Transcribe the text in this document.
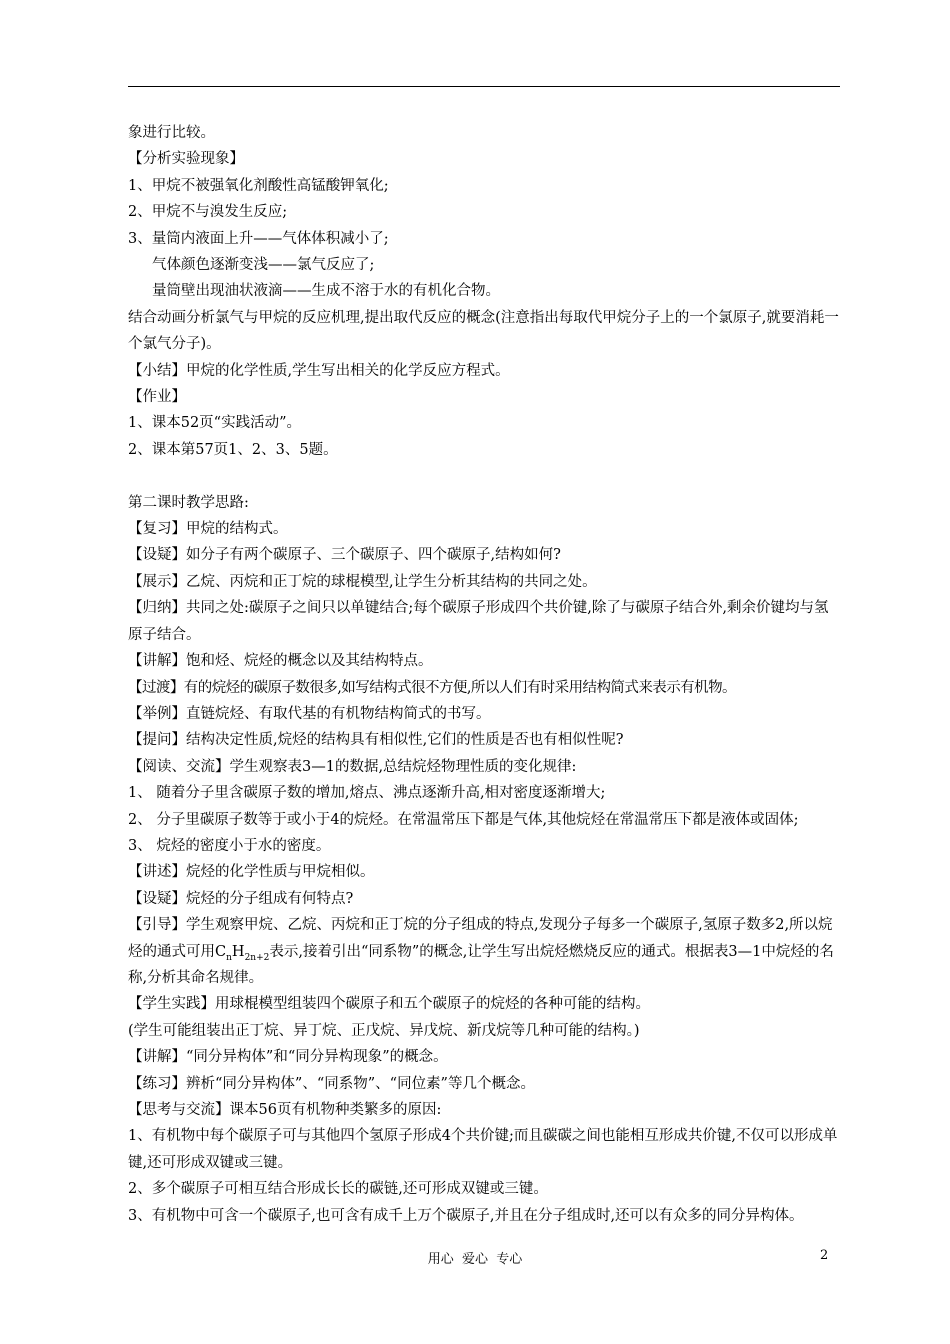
象进行比较。
【分析实验现象】
1、甲烷不被强氧化剂酸性高锰酸钾氧化;
2、甲烷不与溴发生反应;
3、量筒内液面上升——气体体积减小了;
气体颜色逐渐变浅——氯气反应了;
量筒壁出现油状液滴——生成不溶于水的有机化合物。
结合动画分析氯气与甲烷的反应机理,提出取代反应的概念(注意指出每取代甲烷分子上的一个氯原子,就要消耗一个氯气分子)。
【小结】甲烷的化学性质,学生写出相关的化学反应方程式。
【作业】
1、课本52页“实践活动”。
2、课本第57页1、2、3、5题。
第二课时教学思路:
【复习】甲烷的结构式。
【设疑】如分子有两个碳原子、三个碳原子、四个碳原子,结构如何?
【展示】乙烷、丙烷和正丁烷的球棍模型,让学生分析其结构的共同之处。
【归纳】共同之处:碳原子之间只以单键结合;每个碳原子形成四个共价键,除了与碳原子结合外,剩余价键均与氢原子结合。
【讲解】饱和烃、烷烃的概念以及其结构特点。
【过渡】有的烷烃的碳原子数很多,如写结构式很不方便,所以人们有时采用结构简式来表示有机物。
【举例】直链烷烃、有取代基的有机物结构简式的书写。
【提问】结构决定性质,烷烃的结构具有相似性,它们的性质是否也有相似性呢?
【阅读、交流】学生观察表3—1的数据,总结烷烃物理性质的变化规律:
1、 随着分子里含碳原子数的增加,熔点、沸点逐渐升高,相对密度逐渐增大;
2、 分子里碳原子数等于或小于4的烷烃。在常温常压下都是气体,其他烷烃在常温常压下都是液体或固体;
3、 烷烃的密度小于水的密度。
【讲述】烷烃的化学性质与甲烷相似。
【设疑】烷烃的分子组成有何特点?
【引导】学生观察甲烷、乙烷、丙烷和正丁烷的分子组成的特点,发现分子每多一个碳原子,氢原子数多2,所以烷烃的通式可用$C_nH_{2n+2}$表示,接着引出“同系物”的概念,让学生写出烷烃燃烧反应的通式。根据表3—1中烷烃的名称,分析其命名规律。
【学生实践】用球棍模型组装四个碳原子和五个碳原子的烷烃的各种可能的结构。
(学生可能组装出正丁烷、异丁烷、正戊烷、异戊烷、新戊烷等几种可能的结构。)
【讲解】“同分异构体”和“同分异构现象”的概念。
【练习】辨析“同分异构体”、“同系物”、“同位素”等几个概念。
【思考与交流】课本56页有机物种类繁多的原因:
1、有机物中每个碳原子可与其他四个氢原子形成4个共价键;而且碳碳之间也能相互形成共价键,不仅可以形成单键,还可形成双键或三键。
2、多个碳原子可相互结合形成长长的碳链,还可形成双键或三键。
3、有机物中可含一个碳原子,也可含有成千上万个碳原子,并且在分子组成时,还可以有众多的同分异构体。
用心  爱心  专心	2
